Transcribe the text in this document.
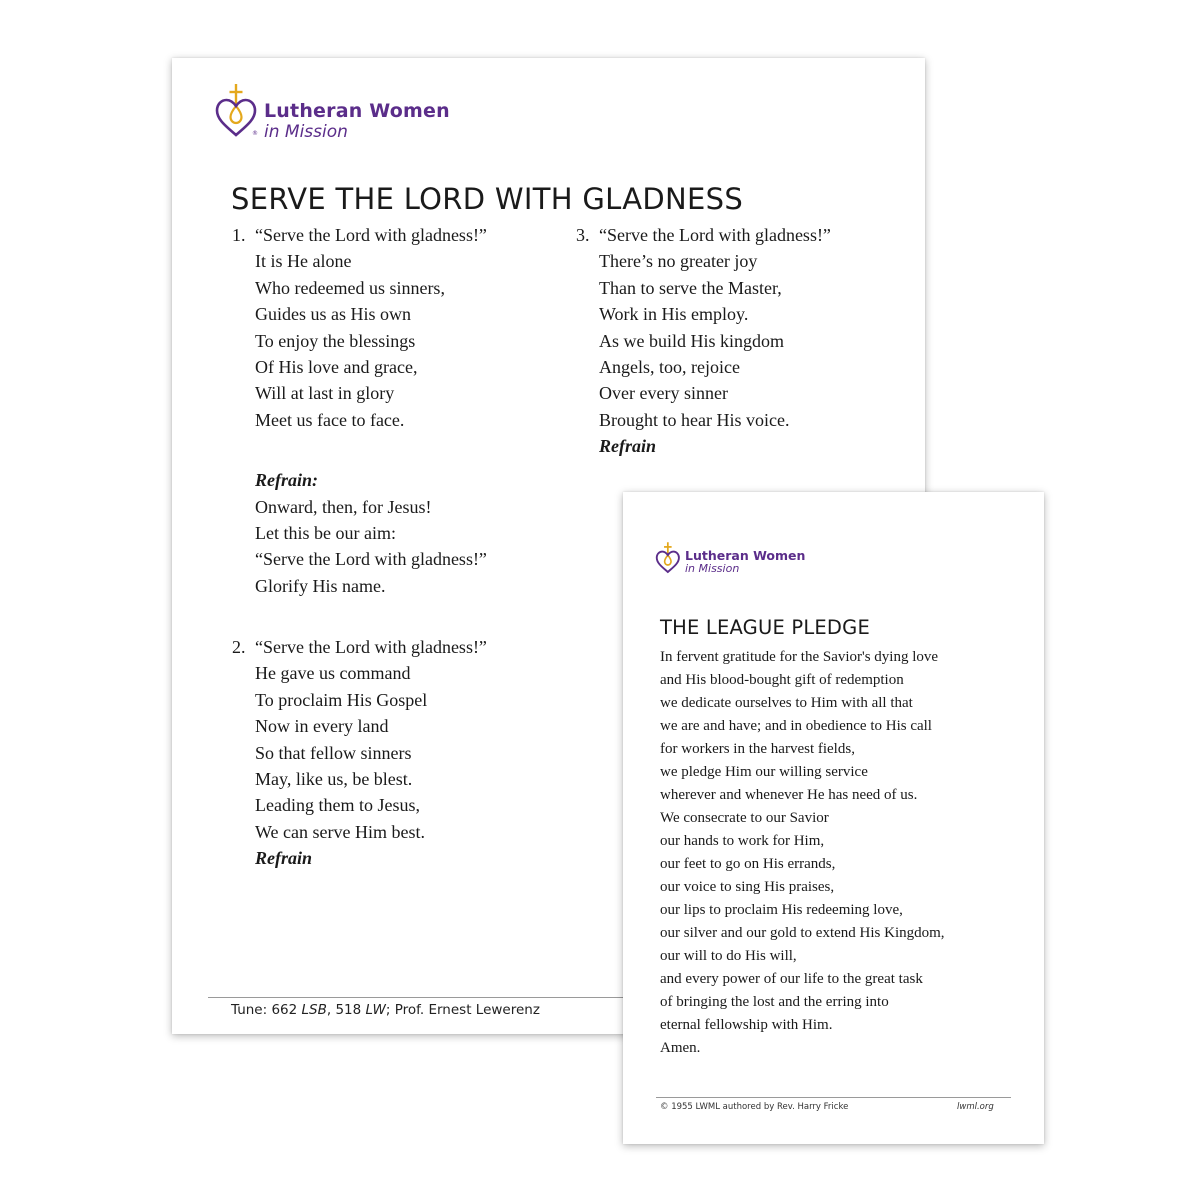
®
Lutheran Women
in Mission
SERVE THE LORD WITH GLADNESS
1. “Serve the Lord with gladness!”
It is He alone
Who redeemed us sinners,
Guides us as His own
To enjoy the blessings
Of His love and grace,
Will at last in glory
Meet us face to face.
Refrain:
Onward, then, for Jesus!
Let this be our aim:
“Serve the Lord with gladness!”
Glorify His name.
2. “Serve the Lord with gladness!”
He gave us command
To proclaim His Gospel
Now in every land
So that fellow sinners
May, like us, be blest.
Leading them to Jesus,
We can serve Him best.
Refrain
3. “Serve the Lord with gladness!”
There’s no greater joy
Than to serve the Master,
Work in His employ.
As we build His kingdom
Angels, too, rejoice
Over every sinner
Brought to hear His voice.
Refrain
Tune: 662 LSB, 518 LW; Prof. Ernest Lewerenz
Lutheran Women
in Mission
THE LEAGUE PLEDGE
In fervent gratitude for the Savior's dying love
and His blood-bought gift of redemption
we dedicate ourselves to Him with all that
we are and have; and in obedience to His call
for workers in the harvest fields,
we pledge Him our willing service
wherever and whenever He has need of us.
We consecrate to our Savior
our hands to work for Him,
our feet to go on His errands,
our voice to sing His praises,
our lips to proclaim His redeeming love,
our silver and our gold to extend His Kingdom,
our will to do His will,
and every power of our life to the great task
of bringing the lost and the erring into
eternal fellowship with Him.
Amen.
© 1955 LWML authored by Rev. Harry Fricke	lwml.org
